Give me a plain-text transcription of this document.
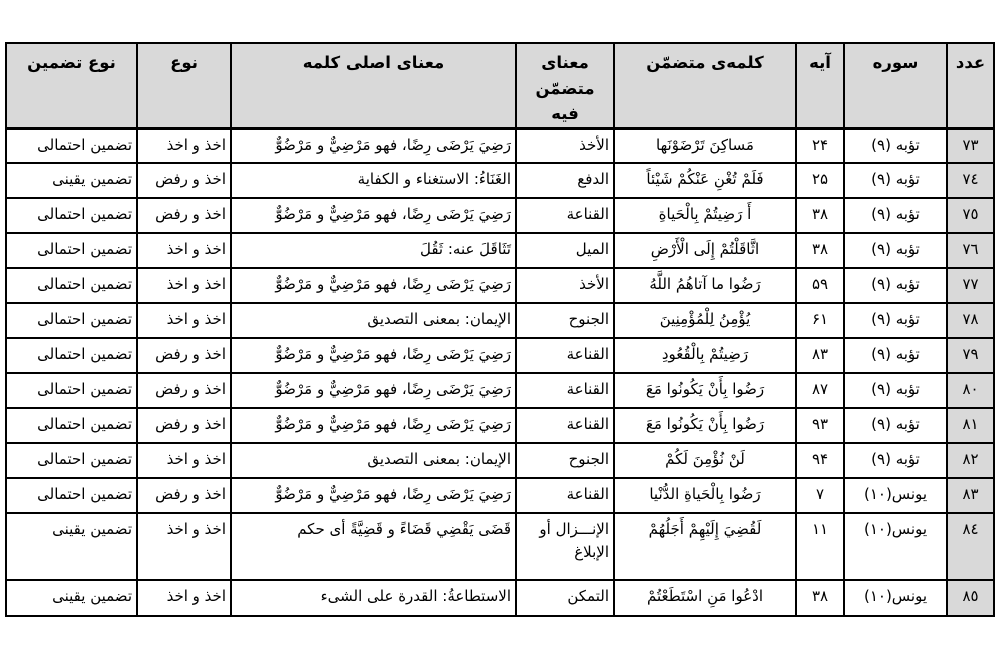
عدد	سوره	آیه	کلمه‌ی متضمّن	معنای متضمّن فیه	معنای اصلی کلمه	نوع	نوع تضمین
٧٣	تؤبه (٩)	۲۴	مَساكِنَ تَرْضَوْنَها	الأخذ	رَضِيَ يَرْضَى رِضًا، فهو مَرْضِيٌّ و مَرْضُوٌّ	اخذ و اخذ	تضمین احتمالی
٧٤	تؤبه (٩)	۲۵	فَلَمْ تُغْنِ عَنْكُمْ شَيْئاً	الدفع	الغَنَاءُ: الاستغناء و الكفاية	اخذ و رفض	تضمین یقینی
٧٥	تؤبه (٩)	۳۸	أَ رَضِيتُمْ بِالْحَياةِ	القناعة	رَضِيَ يَرْضَى رِضًا، فهو مَرْضِيٌّ و مَرْضُوٌّ	اخذ و رفض	تضمین احتمالی
٧٦	تؤبه (٩)	۳۸	اثَّاقَلْتُمْ إِلَى الْأَرْضِ	الميل	تَثَاقَلَ عنه: ثَقُلَ	اخذ و اخذ	تضمین احتمالی
٧٧	تؤبه (٩)	۵۹	رَضُوا ما آتاهُمُ اللَّهُ	الأخذ	رَضِيَ يَرْضَى رِضًا، فهو مَرْضِيٌّ و مَرْضُوٌّ	اخذ و اخذ	تضمین احتمالی
٧٨	تؤبه (٩)	۶۱	يُؤْمِنُ لِلْمُؤْمِنِينَ	الجنوح	الإيمان: بمعنى التصديق	اخذ و اخذ	تضمین احتمالی
٧٩	تؤبه (٩)	۸۳	رَضِيتُمْ بِالْقُعُودِ	القناعة	رَضِيَ يَرْضَى رِضًا، فهو مَرْضِيٌّ و مَرْضُوٌّ	اخذ و رفض	تضمین احتمالی
٨٠	تؤبه (٩)	۸۷	رَضُوا بِأَنْ يَكُونُوا مَعَ	القناعة	رَضِيَ يَرْضَى رِضًا، فهو مَرْضِيٌّ و مَرْضُوٌّ	اخذ و رفض	تضمین احتمالی
٨١	تؤبه (٩)	۹۳	رَضُوا بِأَنْ يَكُونُوا مَعَ	القناعة	رَضِيَ يَرْضَى رِضًا، فهو مَرْضِيٌّ و مَرْضُوٌّ	اخذ و رفض	تضمین احتمالی
٨٢	تؤبه (٩)	۹۴	لَنْ نُؤْمِنَ لَكُمْ	الجنوح	الإيمان: بمعنى التصديق	اخذ و اخذ	تضمین احتمالی
٨٣	یونس(۱۰)	۷	رَضُوا بِالْحَياةِ الدُّنْيا	القناعة	رَضِيَ يَرْضَى رِضًا، فهو مَرْضِيٌّ و مَرْضُوٌّ	اخذ و رفض	تضمین احتمالی
٨٤	یونس(۱۰)	۱۱	لَقُضِيَ إِلَيْهِمْ أَجَلُهُمْ	الإنـــزال أو الإبلاغ	قَضَى يَقْضِي قَضَاءً و قَضِيَّةً أی حكم	اخذ و اخذ	تضمین یقینی
٨٥	یونس(۱۰)	۳۸	ادْعُوا مَنِ اسْتَطَعْتُمْ	التمكن	الاستطاعةُ: القدرة على الشیء	اخذ و اخذ	تضمین یقینی
